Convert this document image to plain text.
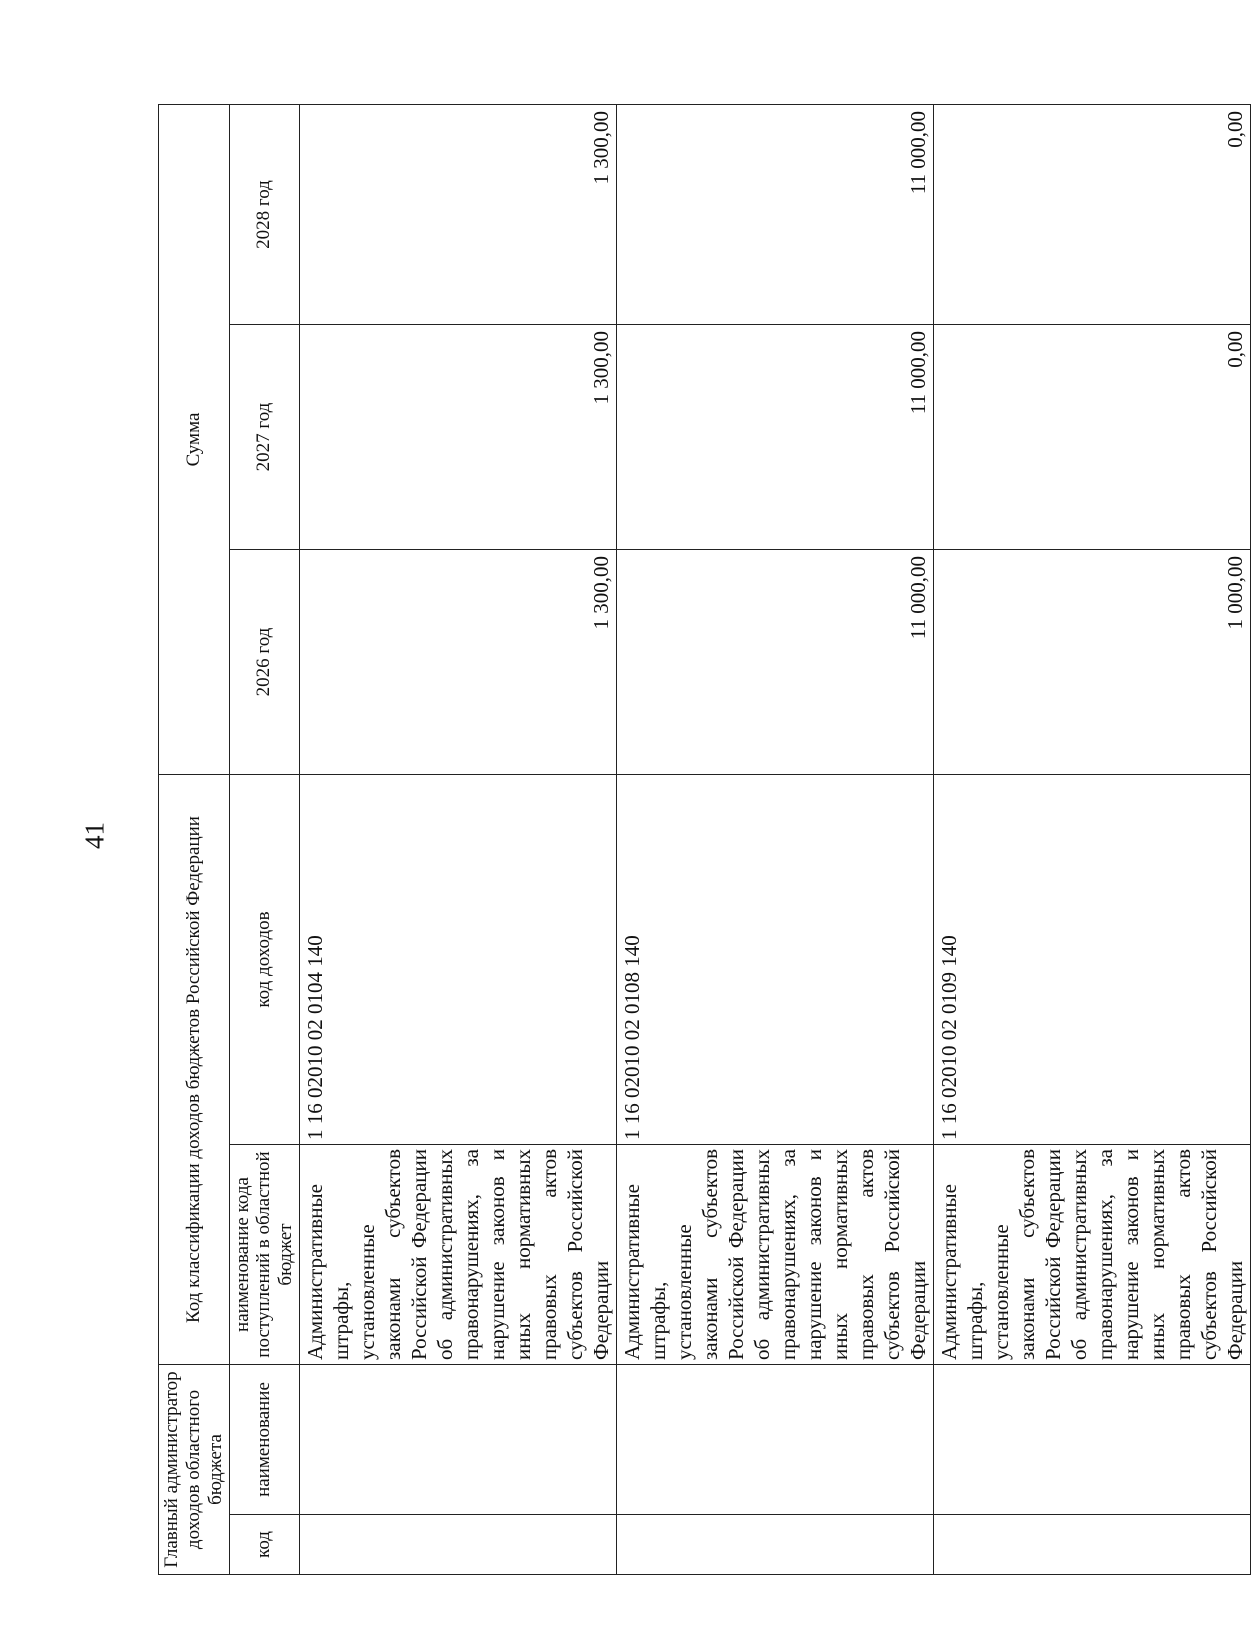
41
Главный администратор доходов областного бюджета		Код классификации доходов бюджетов Российской Федерации		Сумма		
код	наименование	наименование кода поступлений в областной бюджет	код доходов	2026 год	2027 год	2028 год
		Административные штрафы, установленные законами субъектов Российской Федерации об административных правонарушениях, за нарушение законов и иных нормативных правовых актов субъектов Российской Федерации	1 16 02010 02 0104 140	1 300,00	1 300,00	1 300,00
		Административные штрафы, установленные законами субъектов Российской Федерации об административных правонарушениях, за нарушение законов и иных нормативных правовых актов субъектов Российской Федерации	1 16 02010 02 0108 140	11 000,00	11 000,00	11 000,00
		Административные штрафы, установленные законами субъектов Российской Федерации об административных правонарушениях, за нарушение законов и иных нормативных правовых актов субъектов Российской Федерации	1 16 02010 02 0109 140	1 000,00	0,00	0,00
